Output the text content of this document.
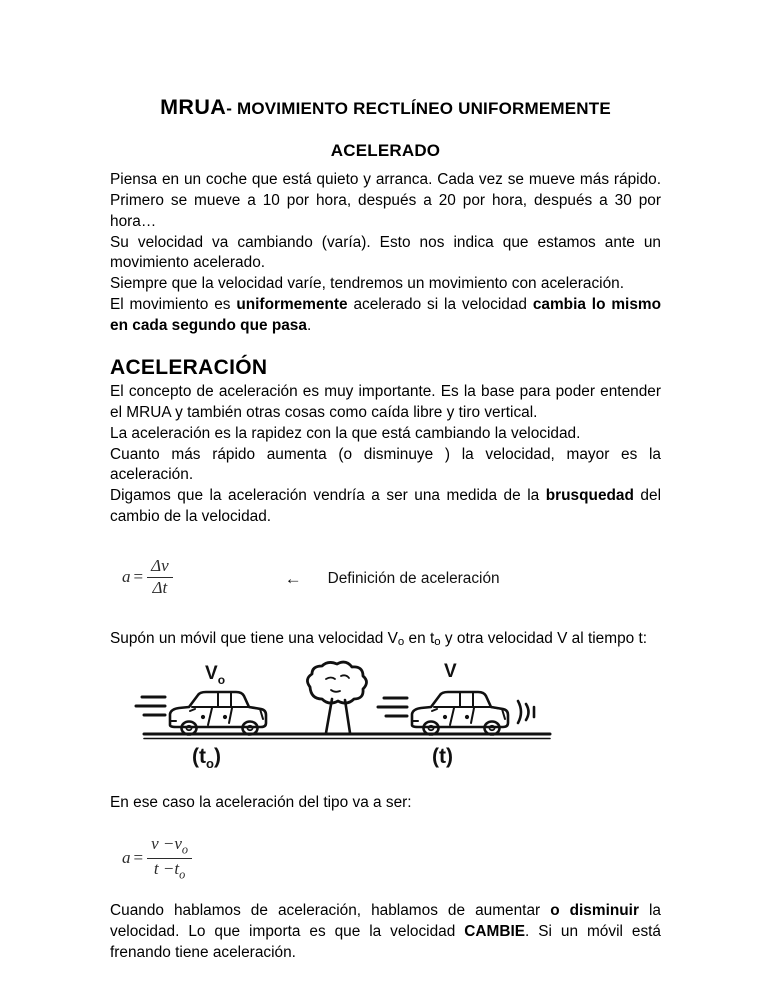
MRUA- MOVIMIENTO RECTLÍNEO UNIFORMEMENTE
ACELERADO

Piensa en un coche que está quieto y arranca. Cada vez se mueve más rápido. Primero se mueve a 10 por hora, después a 20 por hora, después a 30 por hora…

Su velocidad va cambiando (varía). Esto nos indica que estamos ante un movimiento acelerado.

Siempre que la velocidad varíe, tendremos un movimiento con aceleración.

El movimiento es uniformemente acelerado si la velocidad cambia lo mismo en cada segundo que pasa.

ACELERACIÓN

El concepto de aceleración es muy importante. Es la base para poder entender el MRUA y también otras cosas como caída libre y tiro vertical.

La aceleración es la rapidez con la que está cambiando la velocidad.

Cuanto más rápido aumenta (o disminuye ) la velocidad, mayor es la aceleración.

Digamos que la aceleración vendría a ser una medida de la brusquedad del cambio de la velocidad.

$a = \frac{\Delta v}{\Delta t}$	← Definición de aceleración

Supón un móvil que tiene una velocidad Vo en to y otra velocidad V al tiempo t:

$V_o$	V
$(t_o)$	(t)

En ese caso la aceleración del tipo va a ser:

$a = \frac{v -v_o}{t -t_o}$

Cuando hablamos de aceleración, hablamos de aumentar o disminuir la velocidad. Lo que importa es que la velocidad CAMBIE. Si un móvil está frenando tiene aceleración.
